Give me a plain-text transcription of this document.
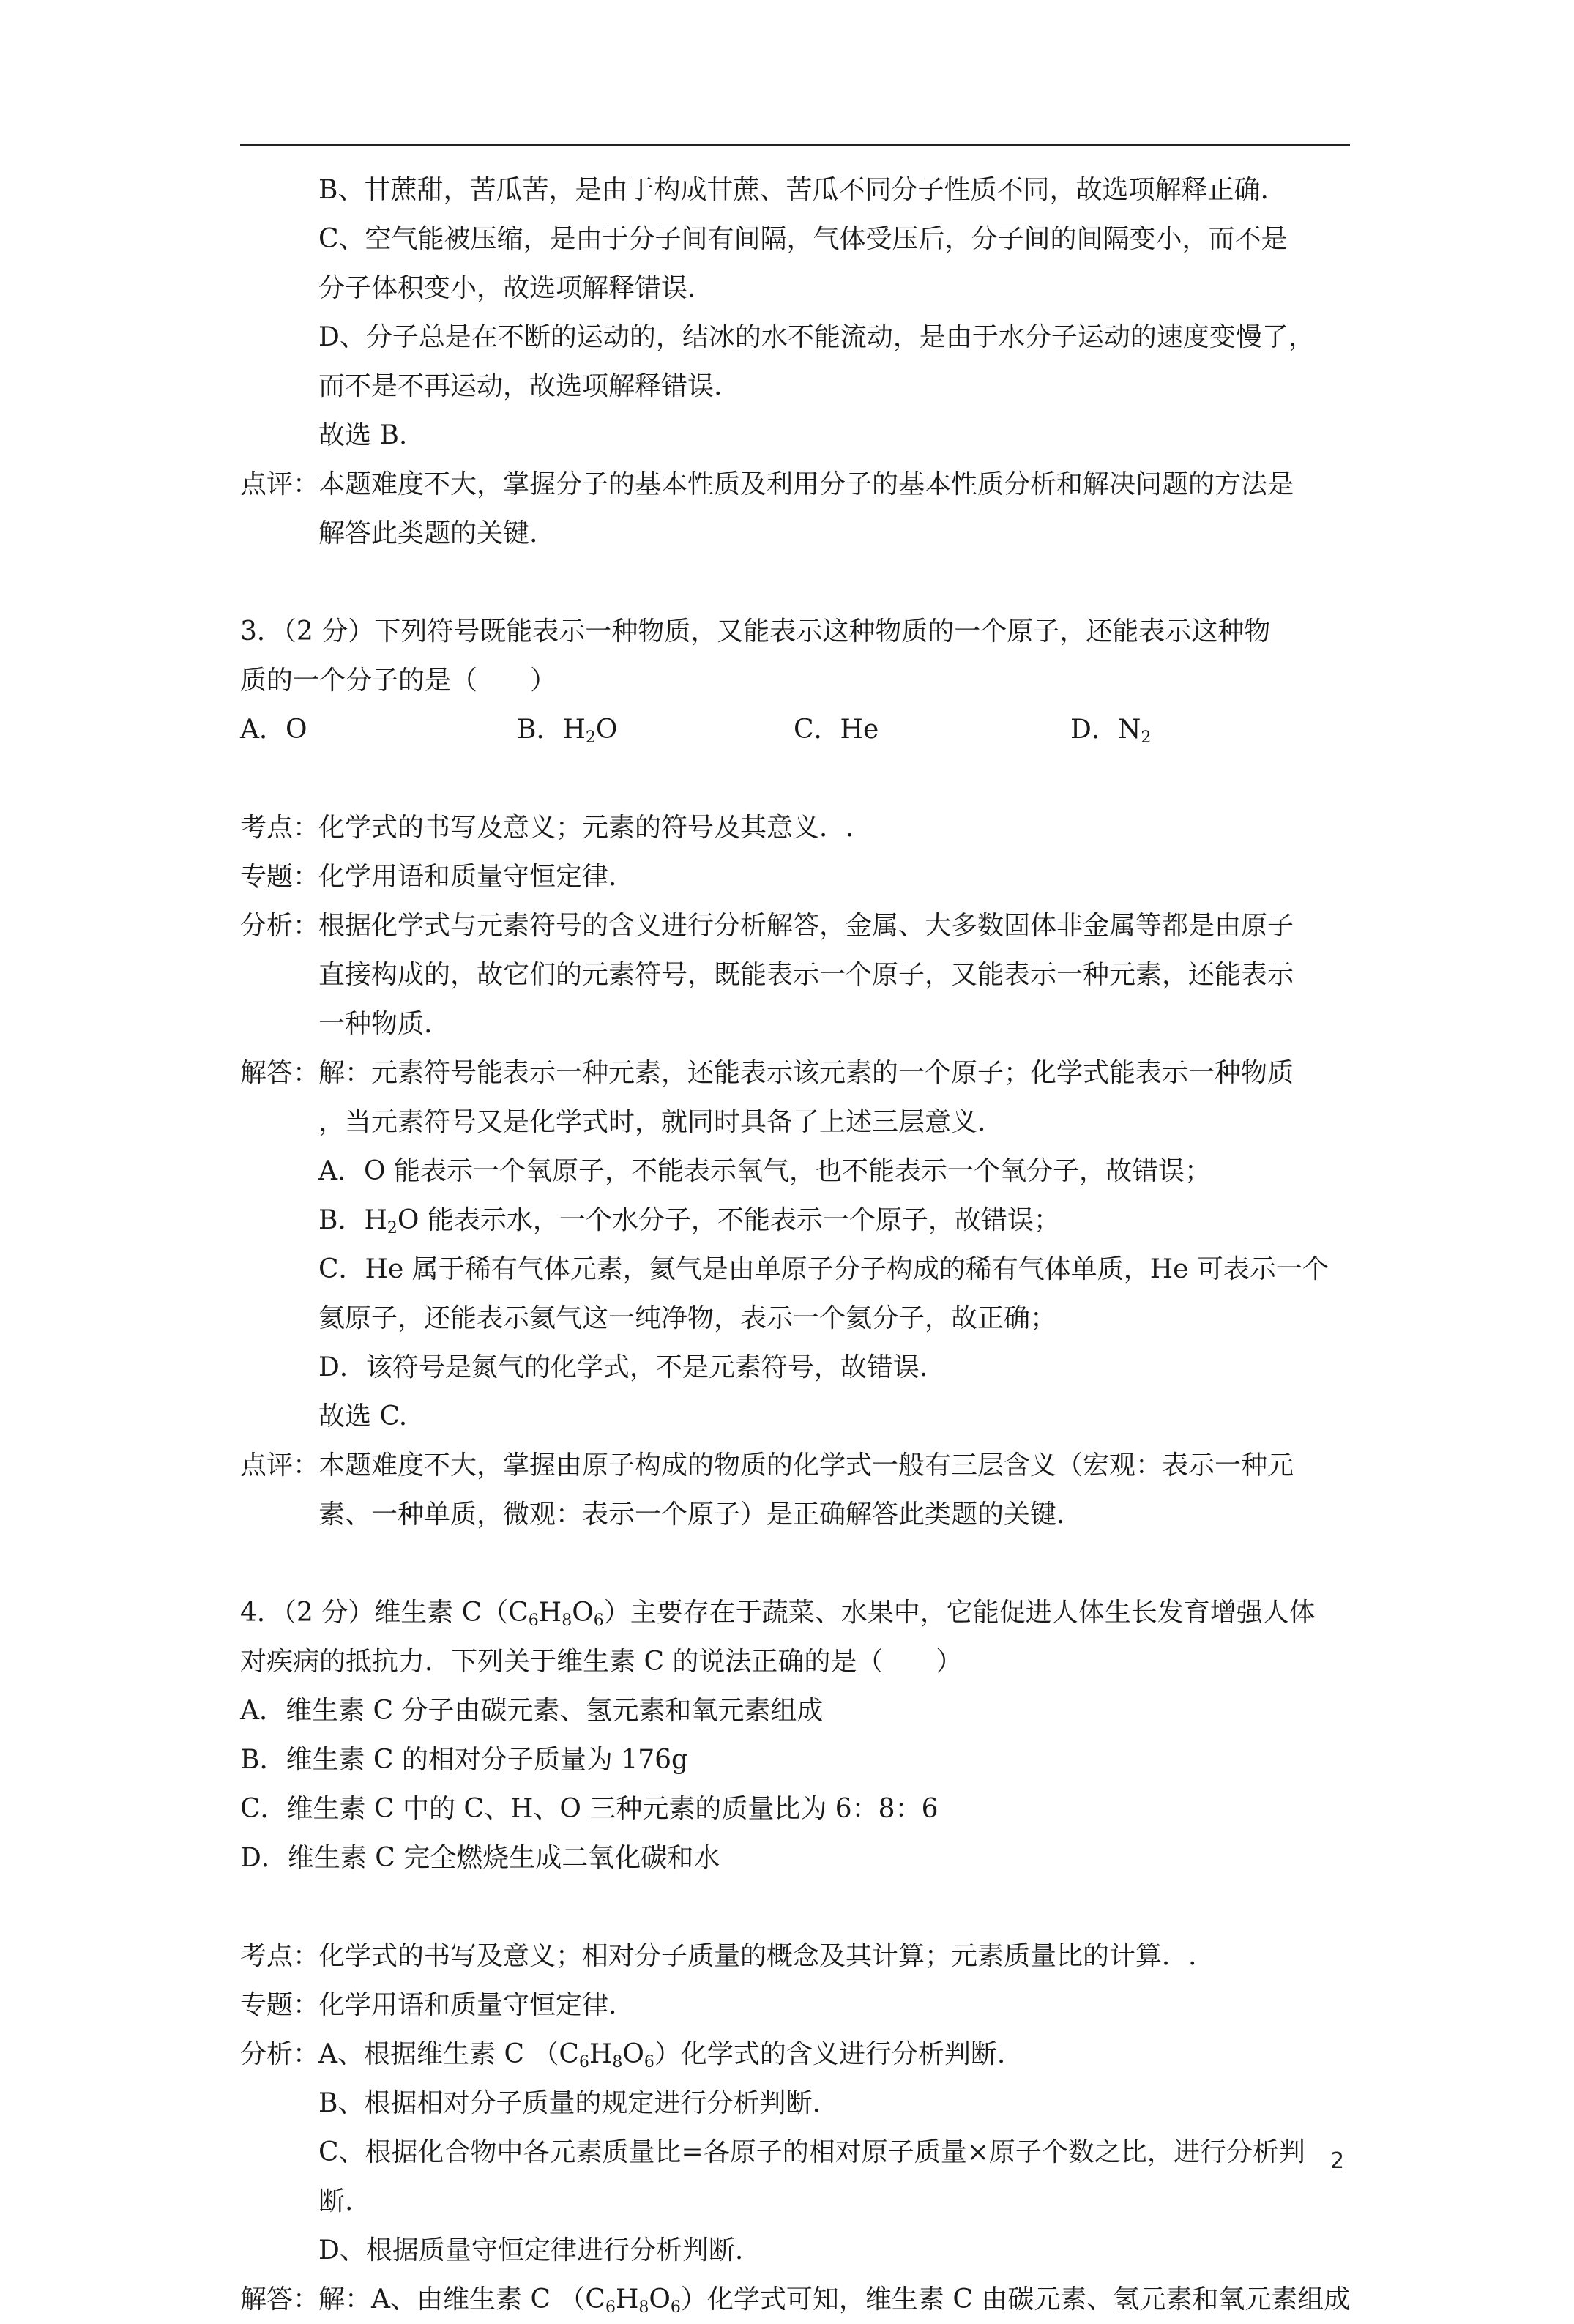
B、甘蔗甜，苦瓜苦，是由于构成甘蔗、苦瓜不同分子性质不同，故选项解释正确.
C、空气能被压缩，是由于分子间有间隔，气体受压后，分子间的间隔变小，而不是
分子体积变小，故选项解释错误.
D、分子总是在不断的运动的，结冰的水不能流动，是由于水分子运动的速度变慢了，
而不是不再运动，故选项解释错误.
故选 B.
点评：
本题难度不大，掌握分子的基本性质及利用分子的基本性质分析和解决问题的方法是
解答此类题的关键.
3．（2 分）下列符号既能表示一种物质，又能表示这种物质的一个原子，还能表示这种物
质的一个分子的是（　　）
A．O	B．$H_2O$	C．He	D．$N_2$
考点：
化学式的书写及意义；元素的符号及其意义．.
专题：
化学用语和质量守恒定律.
分析：
根据化学式与元素符号的含义进行分析解答，金属、大多数固体非金属等都是由原子
直接构成的，故它们的元素符号，既能表示一个原子，又能表示一种元素，还能表示
一种物质.
解答：
解：元素符号能表示一种元素，还能表示该元素的一个原子；化学式能表示一种物质
，当元素符号又是化学式时，就同时具备了上述三层意义.
A．O 能表示一个氧原子，不能表示氧气，也不能表示一个氧分子，故错误；
B．$H_2O$ 能表示水，一个水分子，不能表示一个原子，故错误；
C．He 属于稀有气体元素，氦气是由单原子分子构成的稀有气体单质，He 可表示一个
氦原子，还能表示氦气这一纯净物，表示一个氦分子，故正确；
D．该符号是氮气的化学式，不是元素符号，故错误.
故选 C.
点评：
本题难度不大，掌握由原子构成的物质的化学式一般有三层含义（宏观：表示一种元
素、一种单质，微观：表示一个原子）是正确解答此类题的关键.
4．（2 分）维生素 $C(C_6H_8O_6)$主要存在于蔬菜、水果中，它能促进人体生长发育增强人体
对疾病的抵抗力．下列关于维生素 C 的说法正确的是（　　）
A．维生素 C 分子由碳元素、氢元素和氧元素组成
B．维生素 C 的相对分子质量为 176g
C．维生素 C 中的 C、H、O 三种元素的质量比为 6：8：6
D．维生素 C 完全燃烧生成二氧化碳和水
考点：
化学式的书写及意义；相对分子质量的概念及其计算；元素质量比的计算．.
专题：
化学用语和质量守恒定律.
分析：
A、根据维生素 C $(C_6H_8O_6)$化学式的含义进行分析判断.
B、根据相对分子质量的规定进行分析判断.
C、根据化合物中各元素质量比=各原子的相对原子质量×原子个数之比，进行分析判
断.
D、根据质量守恒定律进行分析判断.
解答：
解：A、由维生素 C $(C_6H_8O_6)$化学式可知，维生素 C 由碳元素、氢元素和氧元素组成
2
